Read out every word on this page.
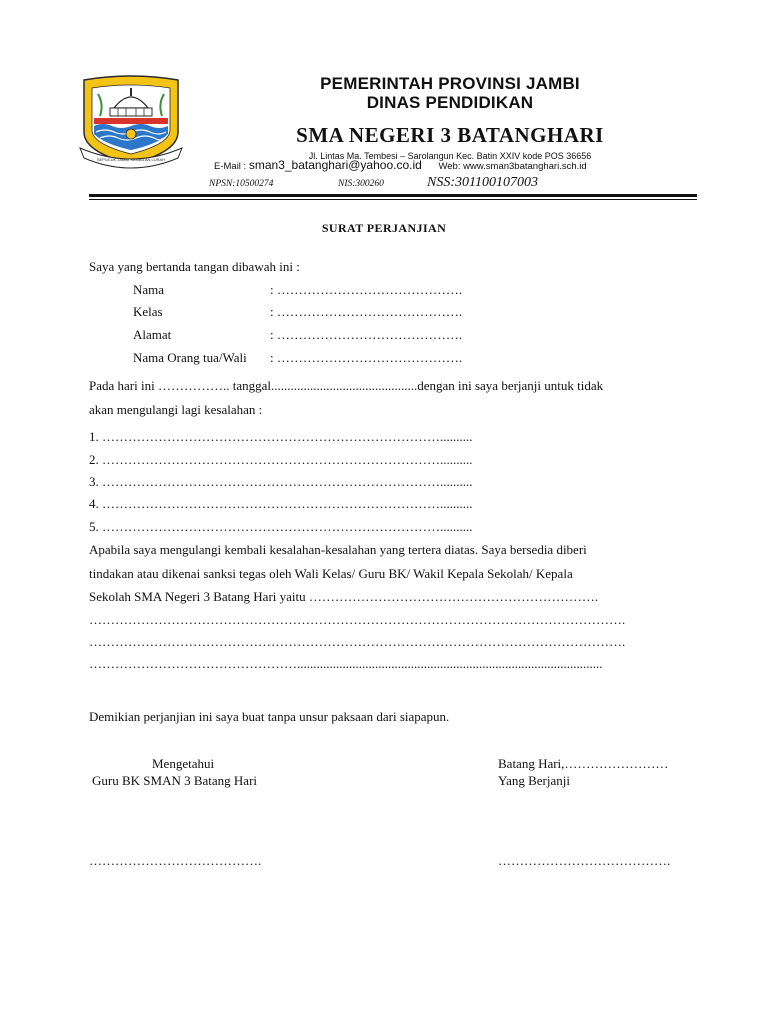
SEPUCUK JAMBI SEMBILAN LURAH
PEMERINTAH PROVINSI JAMBI
DINAS PENDIDIKAN
SMA NEGERI 3 BATANGHARI
Jl. Lintas Ma. Tembesi – Sarolangun Kec. Batin XXIV kode POS 36656
E-Mail : sman3_batanghari@yahoo.co.id Web: www.sman3batanghari.sch.id
NPSN:10500274	NIS:300260	NSS:301100107003
SURAT PERJANJIAN
Saya yang bertanda tangan dibawah ini :
Nama	: …………………………………….
Kelas	: …………………………………….
Alamat	: …………………………………….
Nama Orang tua/Wali : …………………………………….
Pada hari ini …………….. tanggal.............................................dengan ini saya berjanji untuk tidak
akan mengulangi lagi kesalahan :
1. ……………………………………………………………………..........
2. ……………………………………………………………………..........
3. ……………………………………………………………………..........
4. ……………………………………………………………………..........
5. ……………………………………………………………………..........
Apabila saya mengulangi kembali kesalahan-kesalahan yang tertera diatas. Saya bersedia diberi
tindakan atau dikenai sanksi tegas oleh Wali Kelas/ Guru BK/ Wakil Kepala Sekolah/ Kepala
Sekolah SMA Negeri 3 Batang Hari yaitu ………………………………………………………….
…………………………………………………………………………………………………………….
…………………………………………………………………………………………………………….
…………………………………………..............................................................................................
Demikian perjanjian ini saya buat tanpa unsur paksaan dari siapapun.
Mengetahui
Guru BK SMAN 3 Batang Hari
Batang Hari,……………………
Yang Berjanji
………………………………….	………………………………….
